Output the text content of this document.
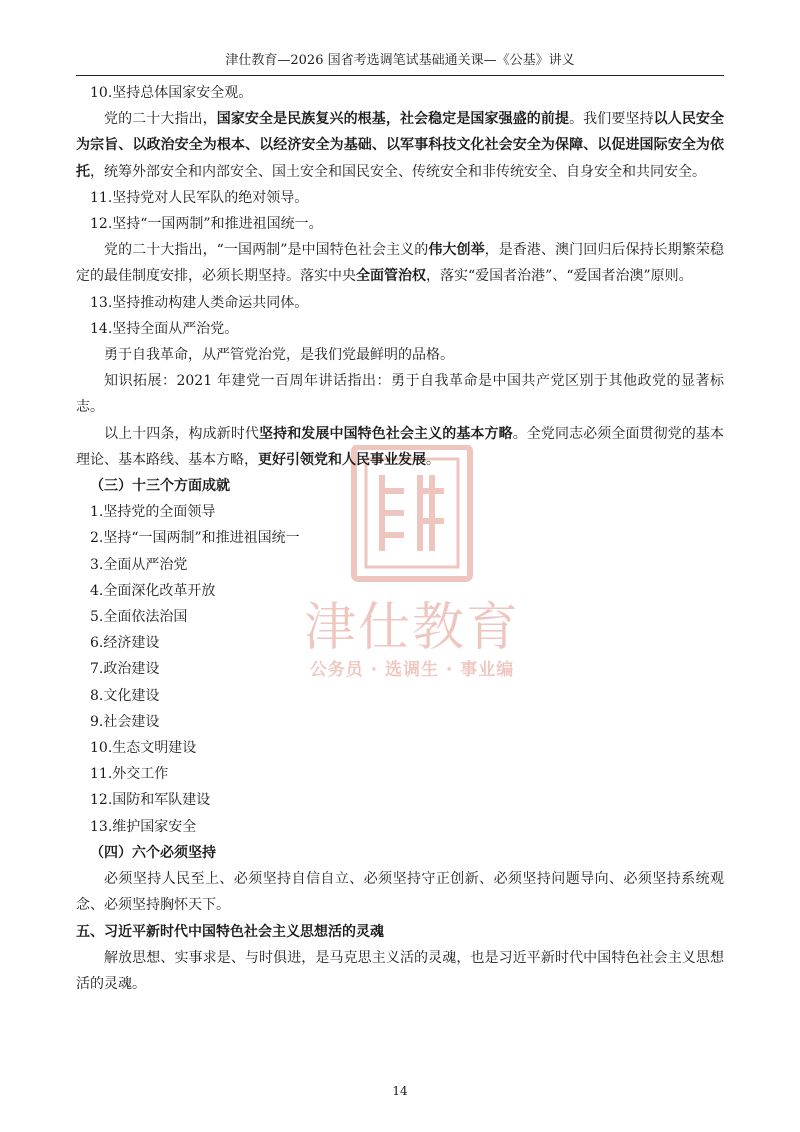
津仕教育—2026 国省考选调笔试基础通关课—《公基》讲义
津仕教育
公务员 · 选调生 · 事业编

10.坚持总体国家安全观。

党的二十大指出，国家安全是民族复兴的根基，社会稳定是国家强盛的前提。我们要坚持以人民安全为宗旨、以政治安全为根本、以经济安全为基础、以军事科技文化社会安全为保障、以促进国际安全为依托，统筹外部安全和内部安全、国土安全和国民安全、传统安全和非传统安全、自身安全和共同安全。

11.坚持党对人民军队的绝对领导。

12.坚持“一国两制”和推进祖国统一。

党的二十大指出，“一国两制”是中国特色社会主义的伟大创举，是香港、澳门回归后保持长期繁荣稳定的最佳制度安排，必须长期坚持。落实中央全面管治权，落实“爱国者治港”、“爱国者治澳”原则。

13.坚持推动构建人类命运共同体。

14.坚持全面从严治党。

勇于自我革命，从严管党治党，是我们党最鲜明的品格。

知识拓展：2021 年建党一百周年讲话指出：勇于自我革命是中国共产党区别于其他政党的显著标志。

以上十四条，构成新时代坚持和发展中国特色社会主义的基本方略。全党同志必须全面贯彻党的基本理论、基本路线、基本方略，更好引领党和人民事业发展。

（三）十三个方面成就

1.坚持党的全面领导

2.坚持“一国两制”和推进祖国统一

3.全面从严治党

4.全面深化改革开放

5.全面依法治国

6.经济建设

7.政治建设

8.文化建设

9.社会建设

10.生态文明建设

11.外交工作

12.国防和军队建设

13.维护国家安全

（四）六个必须坚持

必须坚持人民至上、必须坚持自信自立、必须坚持守正创新、必须坚持问题导向、必须坚持系统观念、必须坚持胸怀天下。

五、习近平新时代中国特色社会主义思想活的灵魂

解放思想、实事求是、与时俱进，是马克思主义活的灵魂，也是习近平新时代中国特色社会主义思想活的灵魂。

14
